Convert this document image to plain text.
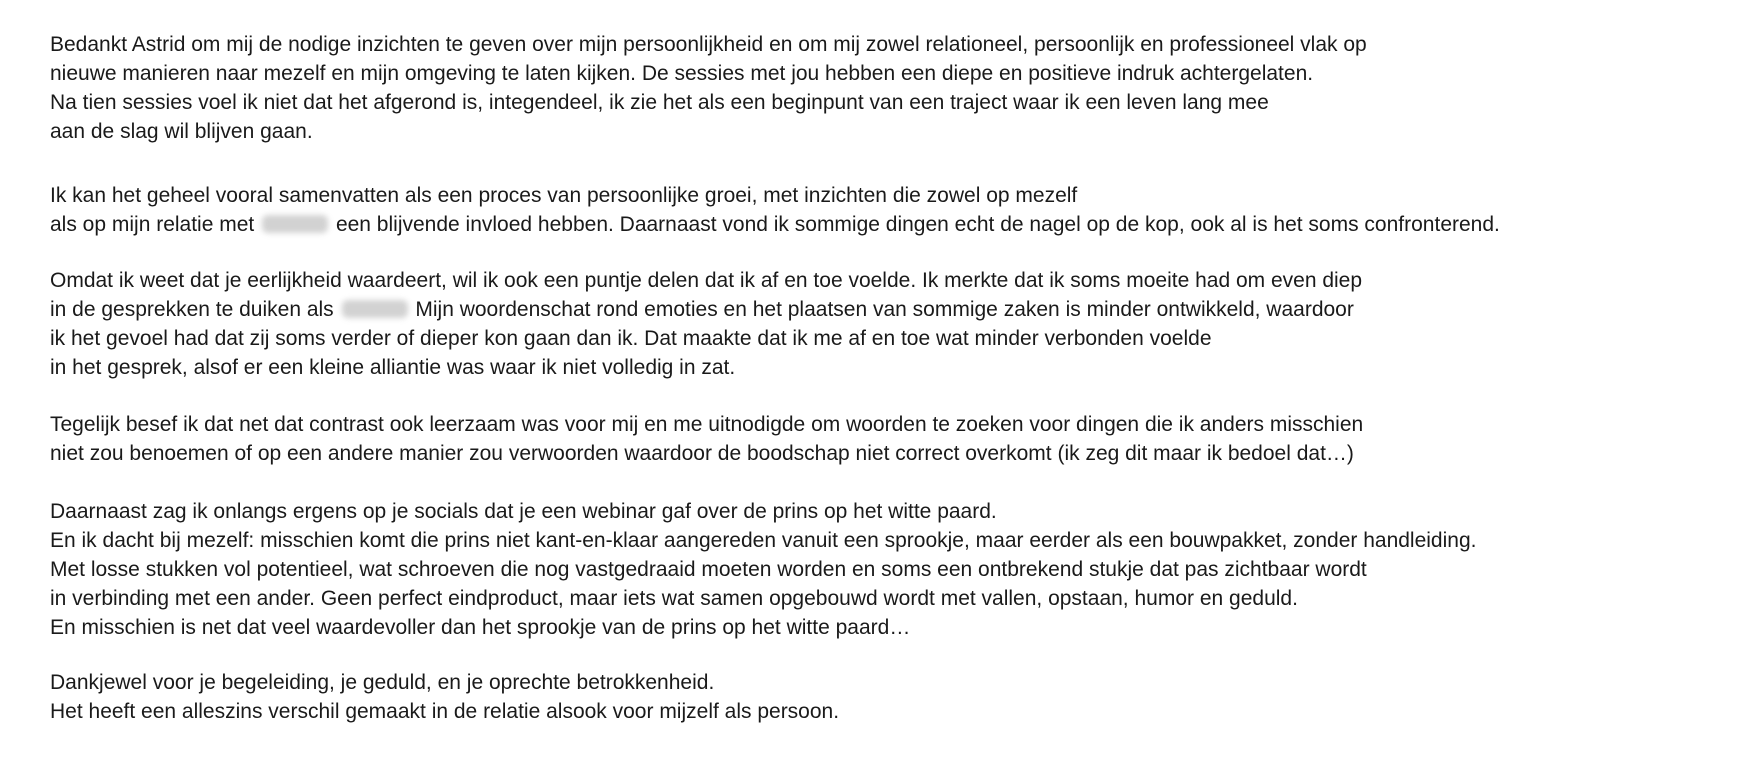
Bedankt Astrid om mij de nodige inzichten te geven over mijn persoonlijkheid en om mij zowel relationeel, persoonlijk en professioneel vlak op
nieuwe manieren naar mezelf en mijn omgeving te laten kijken. De sessies met jou hebben een diepe en positieve indruk achtergelaten.
Na tien sessies voel ik niet dat het afgerond is, integendeel, ik zie het als een beginpunt van een traject waar ik een leven lang mee
aan de slag wil blijven gaan.

Ik kan het geheel vooral samenvatten als een proces van persoonlijke groei, met inzichten die zowel op mezelf
als op mijn relatie met	een blijvende invloed hebben. Daarnaast vond ik sommige dingen echt de nagel op de kop, ook al is het soms confronterend.

Omdat ik weet dat je eerlijkheid waardeert, wil ik ook een puntje delen dat ik af en toe voelde. Ik merkte dat ik soms moeite had om even diep
in de gesprekken te duiken als	Mijn woordenschat rond emoties en het plaatsen van sommige zaken is minder ontwikkeld, waardoor
ik het gevoel had dat zij soms verder of dieper kon gaan dan ik. Dat maakte dat ik me af en toe wat minder verbonden voelde
in het gesprek, alsof er een kleine alliantie was waar ik niet volledig in zat.

Tegelijk besef ik dat net dat contrast ook leerzaam was voor mij en me uitnodigde om woorden te zoeken voor dingen die ik anders misschien
niet zou benoemen of op een andere manier zou verwoorden waardoor de boodschap niet correct overkomt (ik zeg dit maar ik bedoel dat…)

Daarnaast zag ik onlangs ergens op je socials dat je een webinar gaf over de prins op het witte paard.
En ik dacht bij mezelf: misschien komt die prins niet kant-en-klaar aangereden vanuit een sprookje, maar eerder als een bouwpakket, zonder handleiding.
Met losse stukken vol potentieel, wat schroeven die nog vastgedraaid moeten worden en soms een ontbrekend stukje dat pas zichtbaar wordt
in verbinding met een ander. Geen perfect eindproduct, maar iets wat samen opgebouwd wordt met vallen, opstaan, humor en geduld.
En misschien is net dat veel waardevoller dan het sprookje van de prins op het witte paard…

Dankjewel voor je begeleiding, je geduld, en je oprechte betrokkenheid.
Het heeft een alleszins verschil gemaakt in de relatie alsook voor mijzelf als persoon.
